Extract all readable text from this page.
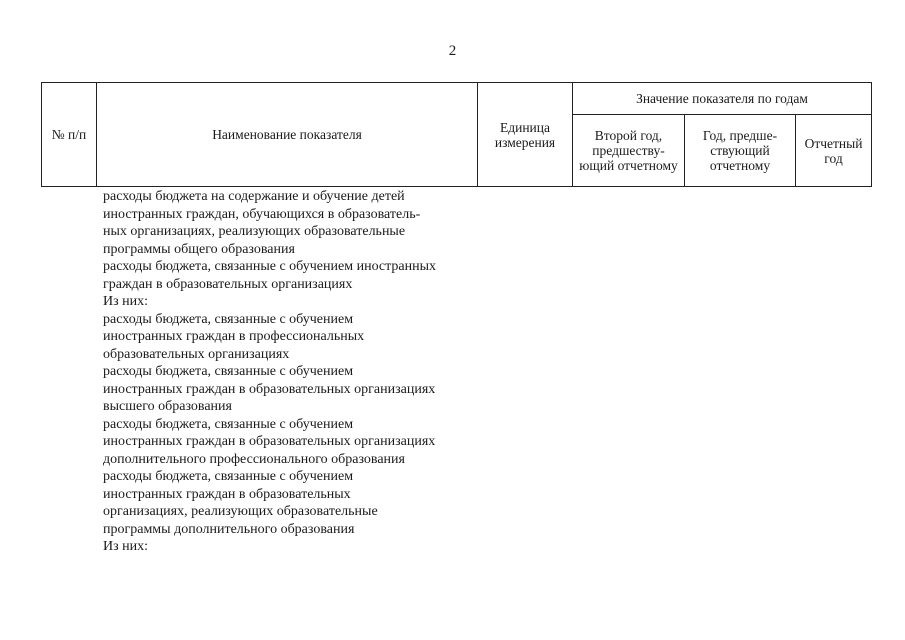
2
№ п/п	Наименование показателя	Единица измерения	Значение показателя по годам		
			Второй год, предшеству-ющий отчетному	Год, предше-ствующий отчетному	Отчетный год
расходы бюджета на содержание и обучение детей
иностранных граждан, обучающихся в образователь-
ных организациях, реализующих образовательные
программы общего образования
расходы бюджета, связанные с обучением иностранных
граждан в образовательных организациях
Из них:
расходы бюджета, связанные с обучением
иностранных граждан в профессиональных
образовательных организациях
расходы бюджета, связанные с обучением
иностранных граждан в образовательных организациях
высшего образования
расходы бюджета, связанные с обучением
иностранных граждан в образовательных организациях
дополнительного профессионального образования
расходы бюджета, связанные с обучением
иностранных граждан в образовательных
организациях, реализующих образовательные
программы дополнительного образования
Из них:
